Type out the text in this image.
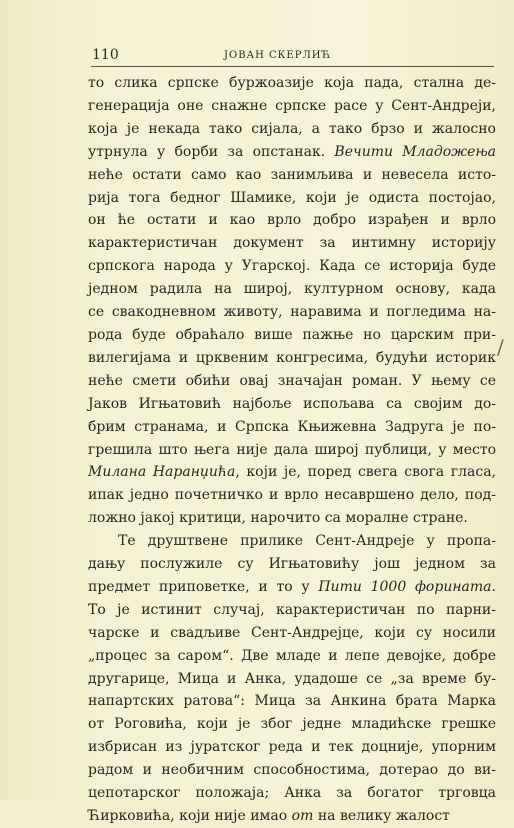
110	ЈОВАН СКЕРЛИЋ
то слика српске буржоазије која пада, стална де-
генерација оне снажне српске расе у Сент-Андреји,
која је некада тако сијала, а тако брзо и жалосно
утрнула у борби за опстанак. Вечити Младожења
неће остати само као занимљива и невесела исто-
рија тога бедног Шамике, који је одиста постојао,
он ће остати и као врло добро израђен и врло
карактеристичан документ за интимну историју
српскога народа у Угарској. Када се историја буде
једном радила на широј, културном основу, када
се свакодневном животу, наравима и погледима на-
рода буде обраћало више пажње но царским при-
вилегијама и црквеним конгресима, будући историк
неће смети обићи овај значајан роман. У њему се
Јаков Игњатовић најбоље испољава са својим до-
брим странама, и Српска Књижевна Задруга је по-
грешила што њега није дала широј публици, у место
Милана Наранџића, који је, поред свега свога гласа,
ипак једно почетничко и врло несавршено дело, под-
ложно јакој критици, нарочито са моралне стране.
Те друштвене прилике Сент-Андреје у пропа-
дању послужиле су Игњатовићу још једном за
предмет приповетке, и то у Пити 1000 форината.
То је истинит случај, карактеристичан по парни-
чарске и свадљиве Сент-Андрејце, који су носили
„процес за саром“. Две младе и лепе девојке, добре
другарице, Мица и Анка, удадоше се „за време бу-
напартских ратова“: Мица за Анкина брата Марка
от Роговића, који је због једне младићске грешке
избрисан из јуратског реда и тек доцније, упорним
радом и необичним способностима, дотерао до ви-
цепотарског положаја; Анка за богатог трговца
Ћирковића, који није имао от на велику жалост
/
